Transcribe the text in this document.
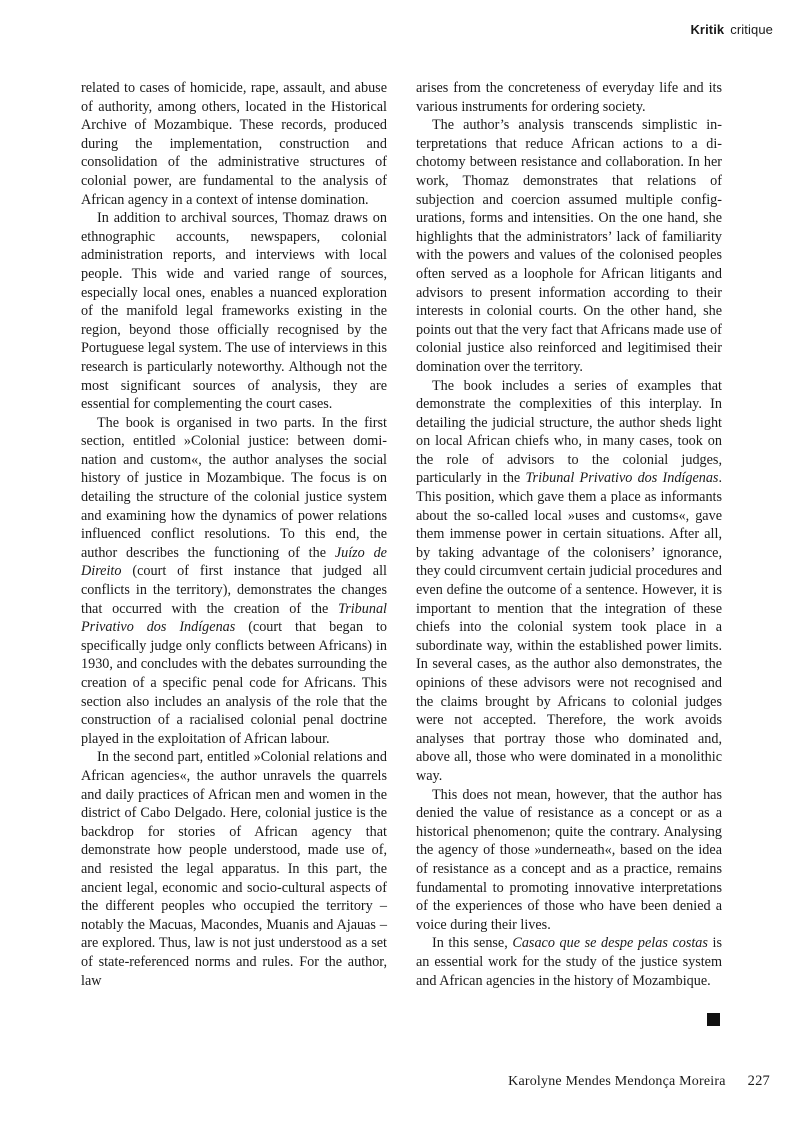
Kritik critique

related to cases of homicide, rape, assault, and abuse of authority, among others, located in the Historical Archive of Mozambique. These records, produced during the implementation, construction and consolidation of the administrative structures of colonial power, are fundamental to the analysis of African agency in a context of intense domination.

In addition to archival sources, Thomaz draws on ethnographic accounts, newspapers, colonial administration reports, and interviews with local people. This wide and varied range of sources, especially local ones, enables a nuanced exploration of the manifold legal frameworks existing in the region, beyond those officially recognised by the Portuguese legal system. The use of interviews in this research is particularly noteworthy. Although not the most significant sources of analysis, they are essential for complementing the court cases.

The book is organised in two parts. In the first section, entitled »Colonial justice: between domination and custom«, the author analyses the social history of justice in Mozambique. The focus is on detailing the structure of the colonial justice system and examining how the dynamics of power relations influenced conflict resolutions. To this end, the author describes the functioning of the Juízo de Direito (court of first instance that judged all conflicts in the territory), demonstrates the changes that occurred with the creation of the Tribunal Privativo dos Indígenas (court that began to specifically judge only conflicts between Africans) in 1930, and concludes with the debates surrounding the creation of a specific penal code for Africans. This section also includes an analysis of the role that the construction of a racialised colonial penal doctrine played in the exploitation of African labour.

In the second part, entitled »Colonial relations and African agencies«, the author unravels the quarrels and daily practices of African men and women in the district of Cabo Delgado. Here, colonial justice is the backdrop for stories of African agency that demonstrate how people understood, made use of, and resisted the legal apparatus. In this part, the ancient legal, economic and socio-cultural aspects of the different peoples who occupied the territory – notably the Macuas, Macondes, Muanis and Ajauas – are explored. Thus, law is not just understood as a set of state-referenced norms and rules. For the author, law

arises from the concreteness of everyday life and its various instruments for ordering society.

The author’s analysis transcends simplistic interpretations that reduce African actions to a dichotomy between resistance and collaboration. In her work, Thomaz demonstrates that relations of subjection and coercion assumed multiple configurations, forms and intensities. On the one hand, she highlights that the administrators’ lack of familiarity with the powers and values of the colonised peoples often served as a loophole for African litigants and advisors to present information according to their interests in colonial courts. On the other hand, she points out that the very fact that Africans made use of colonial justice also reinforced and legitimised their domination over the territory.

The book includes a series of examples that demonstrate the complexities of this interplay. In detailing the judicial structure, the author sheds light on local African chiefs who, in many cases, took on the role of advisors to the colonial judges, particularly in the Tribunal Privativo dos Indígenas. This position, which gave them a place as informants about the so-called local »uses and customs«, gave them immense power in certain situations. After all, by taking advantage of the colonisers’ ignorance, they could circumvent certain judicial procedures and even define the outcome of a sentence. However, it is important to mention that the integration of these chiefs into the colonial system took place in a subordinate way, within the established power limits. In several cases, as the author also demonstrates, the opinions of these advisors were not recognised and the claims brought by Africans to colonial judges were not accepted. Therefore, the work avoids analyses that portray those who dominated and, above all, those who were dominated in a monolithic way.

This does not mean, however, that the author has denied the value of resistance as a concept or as a historical phenomenon; quite the contrary. Analysing the agency of those »underneath«, based on the idea of resistance as a concept and as a practice, remains fundamental to promoting innovative interpretations of the experiences of those who have been denied a voice during their lives.

In this sense, Casaco que se despe pelas costas is an essential work for the study of the justice system and African agencies in the history of Mozambique.

Karolyne Mendes Mendonça Moreira 227
